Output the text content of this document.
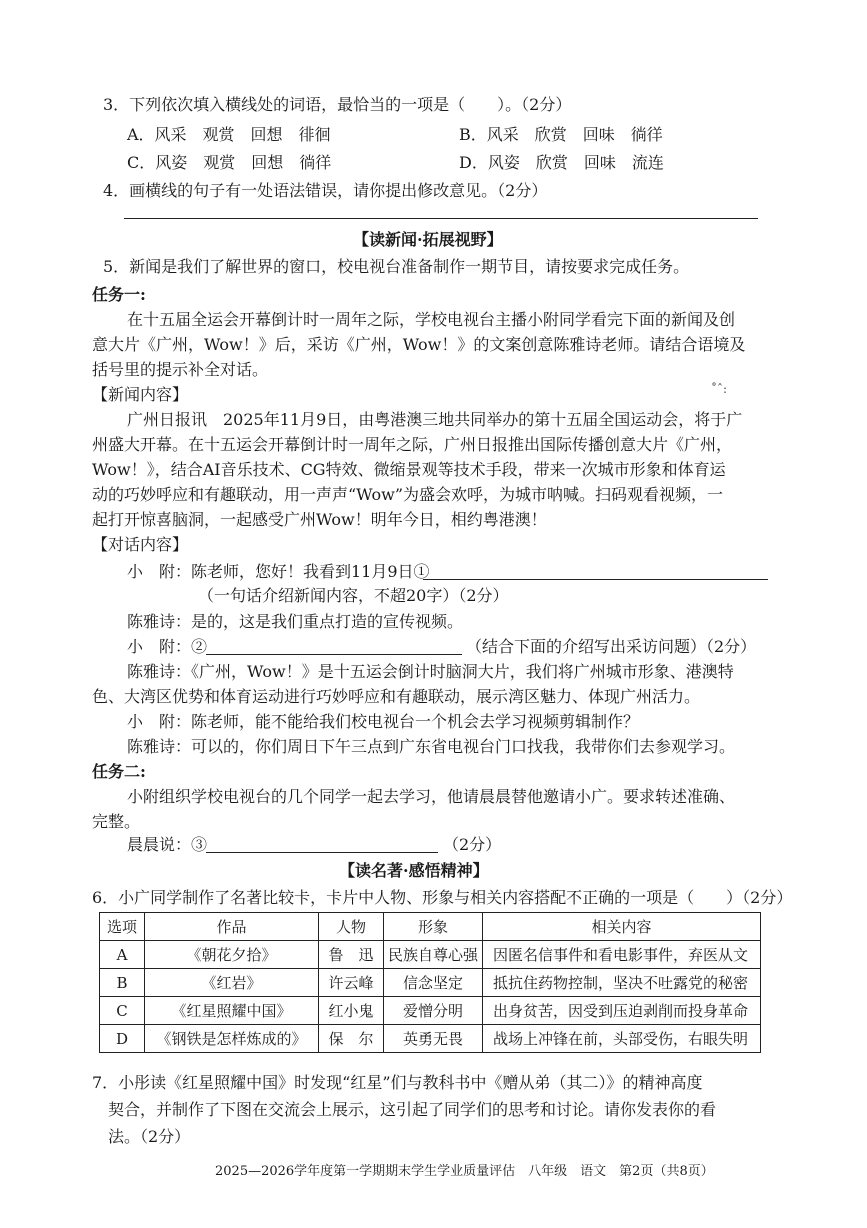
3．下列依次填入横线处的词语，最恰当的一项是（　　）。（2分）
A．风采　观赏　回想　徘徊	B．风采　欣赏　回味　徜徉
C．风姿　观赏　回想　徜徉	D．风姿　欣赏　回味　流连
4．画横线的句子有一处语法错误，请你提出修改意见。（2分）
【读新闻·拓展视野】
5．新闻是我们了解世界的窗口，校电视台准备制作一期节目，请按要求完成任务。
任务一:
在十五届全运会开幕倒计时一周年之际，学校电视台主播小附同学看完下面的新闻及创
意大片《广州，Wow！》后，采访《广州，Wow！》的文案创意陈雅诗老师。请结合语境及
括号里的提示补全对话。
˚ˆ:
【新闻内容】
广州日报讯　2025年11月9日，由粤港澳三地共同举办的第十五届全国运动会，将于广
州盛大开幕。在十五运会开幕倒计时一周年之际，广州日报推出国际传播创意大片《广州，
Wow！》，结合AI音乐技术、CG特效、微缩景观等技术手段，带来一次城市形象和体育运
动的巧妙呼应和有趣联动，用一声声“Wow”为盛会欢呼，为城市呐喊。扫码观看视频，一
起打开惊喜脑洞，一起感受广州Wow！明年今日，相约粤港澳！
【对话内容】
小　附：陈老师，您好！我看到11月9日①
（一句话介绍新闻内容，不超20字）（2分）
陈雅诗：是的，这是我们重点打造的宣传视频。
小　附：②	（结合下面的介绍写出采访问题）（2分）
陈雅诗：《广州，Wow！》是十五运会倒计时脑洞大片，我们将广州城市形象、港澳特
色、大湾区优势和体育运动进行巧妙呼应和有趣联动，展示湾区魅力、体现广州活力。
小　附：陈老师，能不能给我们校电视台一个机会去学习视频剪辑制作？
陈雅诗：可以的，你们周日下午三点到广东省电视台门口找我，我带你们去参观学习。
任务二:
小附组织学校电视台的几个同学一起去学习，他请晨晨替他邀请小广。要求转述准确、
完整。
晨晨说：③	（2分）
【读名著·感悟精神】
6．小广同学制作了名著比较卡，卡片中人物、形象与相关内容搭配不正确的一项是（　　）（2分）
选项	作品	人物	形象	相关内容
A	《朝花夕拾》	鲁　迅	民族自尊心强	因匿名信事件和看电影事件，弃医从文
B	《红岩》	许云峰	信念坚定	抵抗住药物控制，坚决不吐露党的秘密
C	《红星照耀中国》	红小鬼	爱憎分明	出身贫苦，因受到压迫剥削而投身革命
D	《钢铁是怎样炼成的》	保　尔	英勇无畏	战场上冲锋在前，头部受伤，右眼失明
7．小彤读《红星照耀中国》时发现“红星”们与教科书中《赠从弟（其二）》的精神高度
契合，并制作了下图在交流会上展示，这引起了同学们的思考和讨论。请你发表你的看
法。（2分）
2025—2026学年度第一学期期末学生学业质量评估　八年级　语文　第2页（共8页）
